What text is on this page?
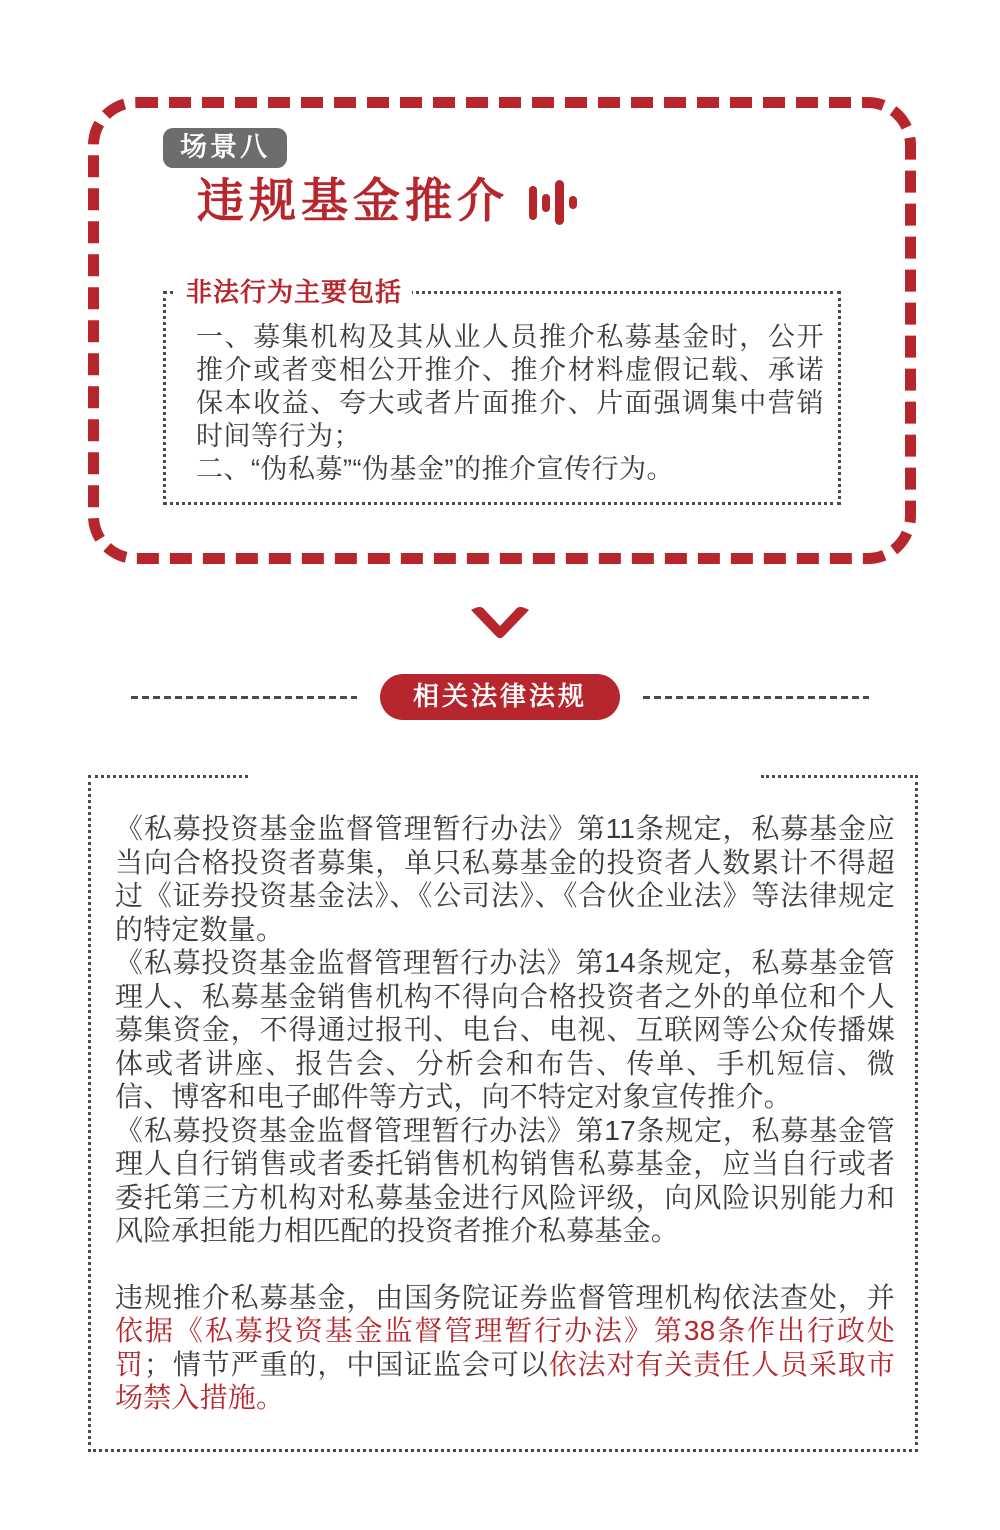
场景八
违规基金推介
非法行为主要包括

一、募集机构及其从业人员推介私募基金时，公开推介或者变相公开推介、推介材料虚假记载、承诺保本收益、夸大或者片面推介、片面强调集中营销时间等行为；

二、“伪私募”“伪基金”的推介宣传行为。

相关法律法规

《私募投资基金监督管理暂行办法》第11条规定，私募基金应当向合格投资者募集，单只私募基金的投资者人数累计不得超过《证券投资基金法》、《公司法》、《合伙企业法》等法律规定的特定数量。

《私募投资基金监督管理暂行办法》第14条规定，私募基金管理人、私募基金销售机构不得向合格投资者之外的单位和个人募集资金，不得通过报刊、电台、电视、互联网等公众传播媒体或者讲座、报告会、分析会和布告、传单、手机短信、微信、博客和电子邮件等方式，向不特定对象宣传推介。

《私募投资基金监督管理暂行办法》第17条规定，私募基金管理人自行销售或者委托销售机构销售私募基金，应当自行或者委托第三方机构对私募基金进行风险评级，向风险识别能力和风险承担能力相匹配的投资者推介私募基金。

违规推介私募基金，由国务院证券监督管理机构依法查处，并依据《私募投资基金监督管理暂行办法》第38条作出行政处罚；情节严重的，中国证监会可以依法对有关责任人员采取市场禁入措施。
